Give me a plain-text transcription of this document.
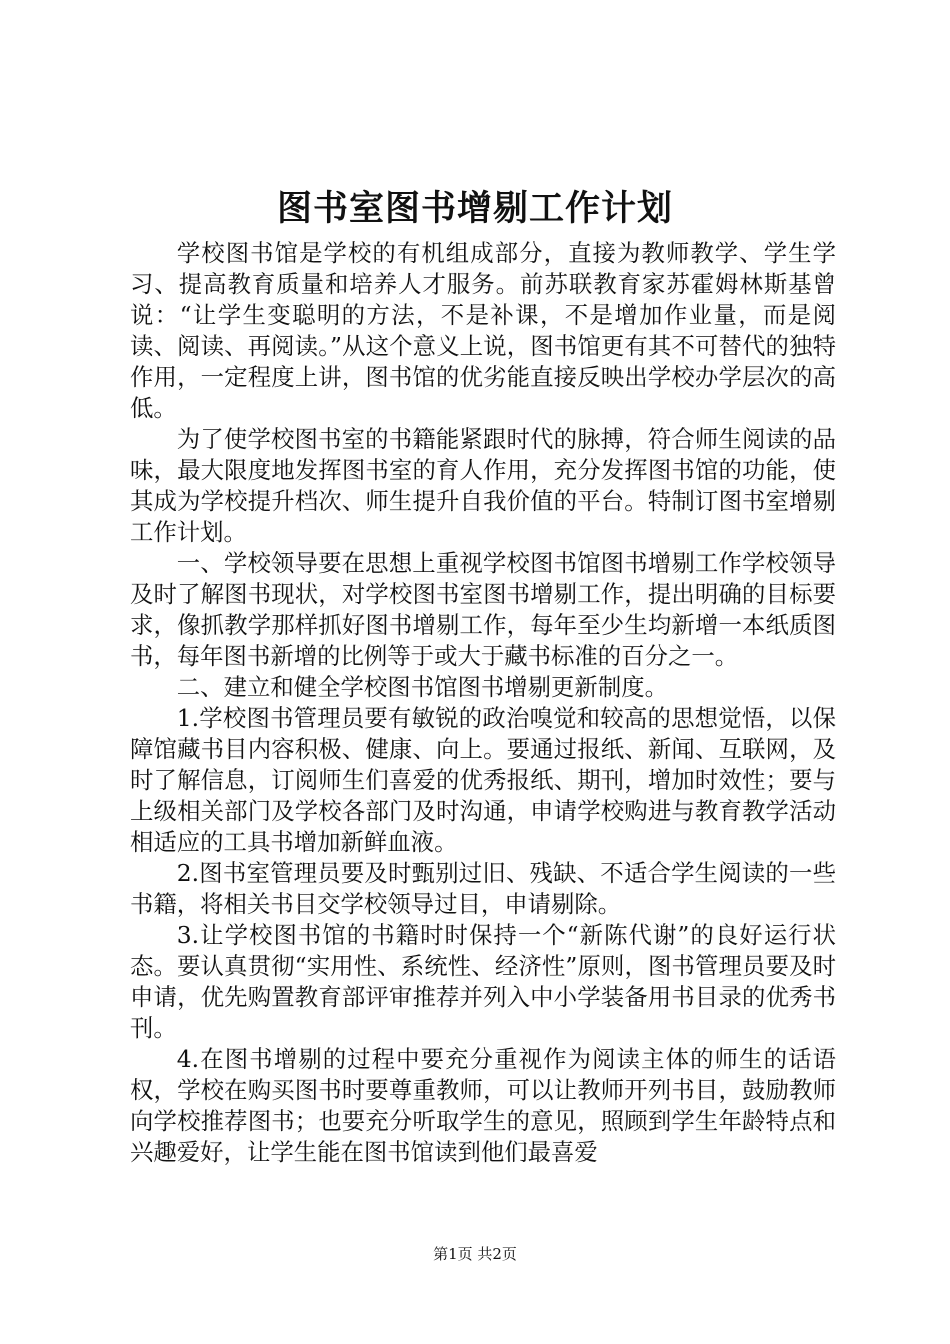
图书室图书增剔工作计划

学校图书馆是学校的有机组成部分，直接为教师教学、学生学习、提高教育质量和培养人才服务。前苏联教育家苏霍姆林斯基曾说：“让学生变聪明的方法，不是补课，不是增加作业量，而是阅读、阅读、再阅读。”从这个意义上说，图书馆更有其不可替代的独特作用，一定程度上讲，图书馆的优劣能直接反映出学校办学层次的高低。

为了使学校图书室的书籍能紧跟时代的脉搏，符合师生阅读的品味，最大限度地发挥图书室的育人作用，充分发挥图书馆的功能，使其成为学校提升档次、师生提升自我价值的平台。特制订图书室增剔工作计划。

一、学校领导要在思想上重视学校图书馆图书增剔工作学校领导及时了解图书现状，对学校图书室图书增剔工作，提出明确的目标要求，像抓教学那样抓好图书增剔工作，每年至少生均新增一本纸质图书，每年图书新增的比例等于或大于藏书标准的百分之一。

二、建立和健全学校图书馆图书增剔更新制度。

1.学校图书管理员要有敏锐的政治嗅觉和较高的思想觉悟，以保障馆藏书目内容积极、健康、向上。要通过报纸、新闻、互联网，及时了解信息，订阅师生们喜爱的优秀报纸、期刊，增加时效性；要与上级相关部门及学校各部门及时沟通，申请学校购进与教育教学活动相适应的工具书增加新鲜血液。

2.图书室管理员要及时甄别过旧、残缺、不适合学生阅读的一些书籍，将相关书目交学校领导过目，申请剔除。

3.让学校图书馆的书籍时时保持一个“新陈代谢”的良好运行状态。要认真贯彻“实用性、系统性、经济性”原则，图书管理员要及时申请，优先购置教育部评审推荐并列入中小学装备用书目录的优秀书刊。

4.在图书增剔的过程中要充分重视作为阅读主体的师生的话语权，学校在购买图书时要尊重教师，可以让教师开列书目，鼓励教师向学校推荐图书；也要充分听取学生的意见，照顾到学生年龄特点和兴趣爱好，让学生能在图书馆读到他们最喜爱

第1页 共2页
